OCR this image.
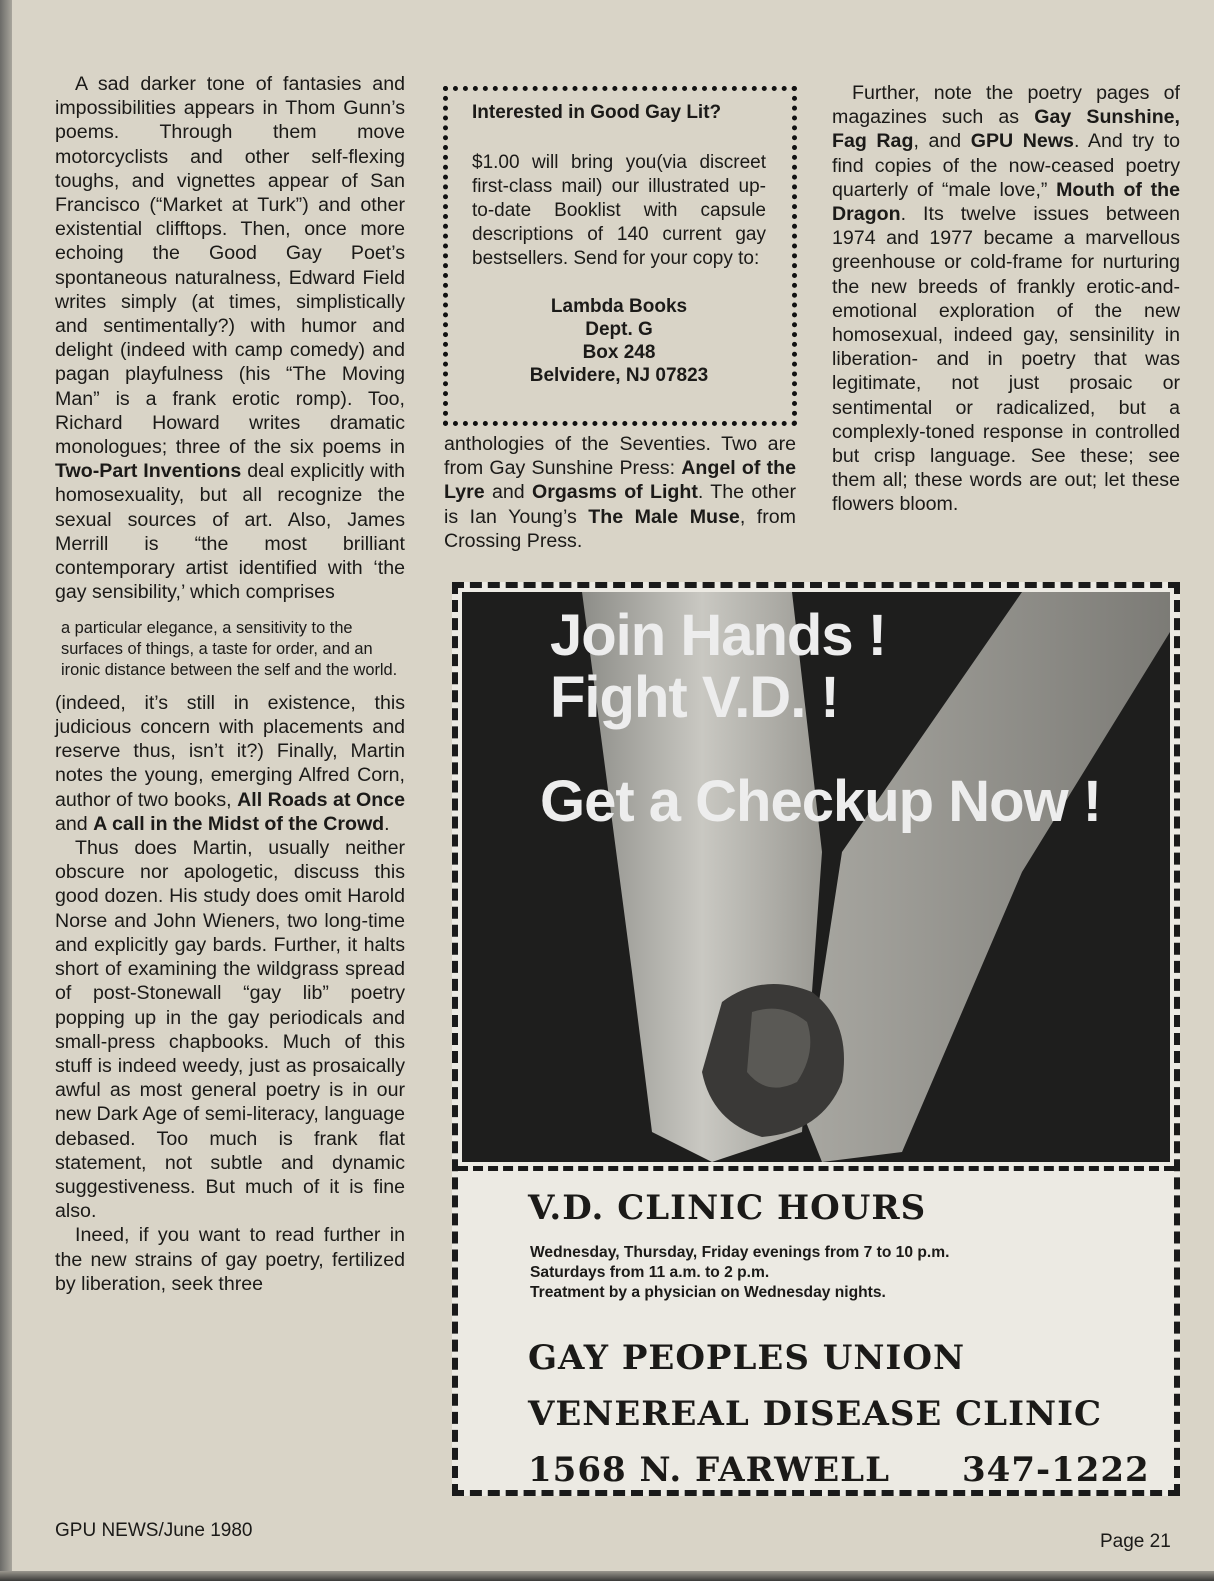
A sad darker tone of fantasies and impossibilities appears in Thom Gunn’s poems. Through them move motorcyclists and other self-flexing toughs, and vignettes appear of San Francisco (“Market at Turk”) and other existential clifftops. Then, once more echoing the Good Gay Poet’s spontaneous naturalness, Edward Field writes simply (at times, simplistically and sentimentally?) with humor and delight (indeed with camp comedy) and pagan playfulness (his “The Moving Man” is a frank erotic romp). Too, Richard Howard writes dramatic monologues; three of the six poems in Two-Part Inventions deal explicitly with homosexuality, but all recognize the sexual sources of art. Also, James Merrill is “the most brilliant contemporary artist identified with ‘the gay sensibility,’ which comprises

a particular elegance, a sensitivity to the surfaces of things, a taste for order, and an ironic distance between the self and the world.

(indeed, it’s still in existence, this judicious concern with placements and reserve thus, isn’t it?) Finally, Martin notes the young, emerging Alfred Corn, author of two books, All Roads at Once and A call in the Midst of the Crowd.

Thus does Martin, usually neither obscure nor apologetic, discuss this good dozen. His study does omit Harold Norse and John Wieners, two long-time and explicitly gay bards. Further, it halts short of examining the wildgrass spread of post-Stonewall “gay lib” poetry popping up in the gay periodicals and small-press chapbooks. Much of this stuff is indeed weedy, just as prosaically awful as most general poetry is in our new Dark Age of semi-literacy, language debased. Too much is frank flat statement, not subtle and dynamic suggestiveness. But much of it is fine also.

Ineed, if you want to read further in the new strains of gay poetry, fertilized by liberation, seek three

Interested in Good Gay Lit?

$1.00 will bring you(via discreet first-class mail) our illustrated up-to-date Booklist with capsule descriptions of 140 current gay bestsellers. Send for your copy to:

Lambda Books
Dept. G
Box 248
Belvidere, NJ 07823

anthologies of the Seventies. Two are from Gay Sunshine Press: Angel of the Lyre and Orgasms of Light. The other is Ian Young’s The Male Muse, from Crossing Press.

Further, note the poetry pages of magazines such as Gay Sunshine, Fag Rag, and GPU News. And try to find copies of the now-ceased poetry quarterly of “male love,” Mouth of the Dragon. Its twelve issues between 1974 and 1977 became a marvellous greenhouse or cold-frame for nurturing the new breeds of frankly erotic-and-emotional exploration of the new homosexual, indeed gay, sensinility in liberation- and in poetry that was legitimate, not just prosaic or sentimental or radicalized, but a complexly-toned response in controlled but crisp language. See these; see them all; these words are out; let these flowers bloom.

Join Hands !
Fight V.D. !
Get a Checkup Now !
V.D. CLINIC HOURS
Wednesday, Thursday, Friday evenings from 7 to 10 p.m.
Saturdays from 11 a.m. to 2 p.m.
Treatment by a physician on Wednesday nights.
GAY PEOPLES UNION
VENEREAL DISEASE CLINIC
1568 N. FARWELL 347-1222
GPU NEWS/June 1980
Page 21
